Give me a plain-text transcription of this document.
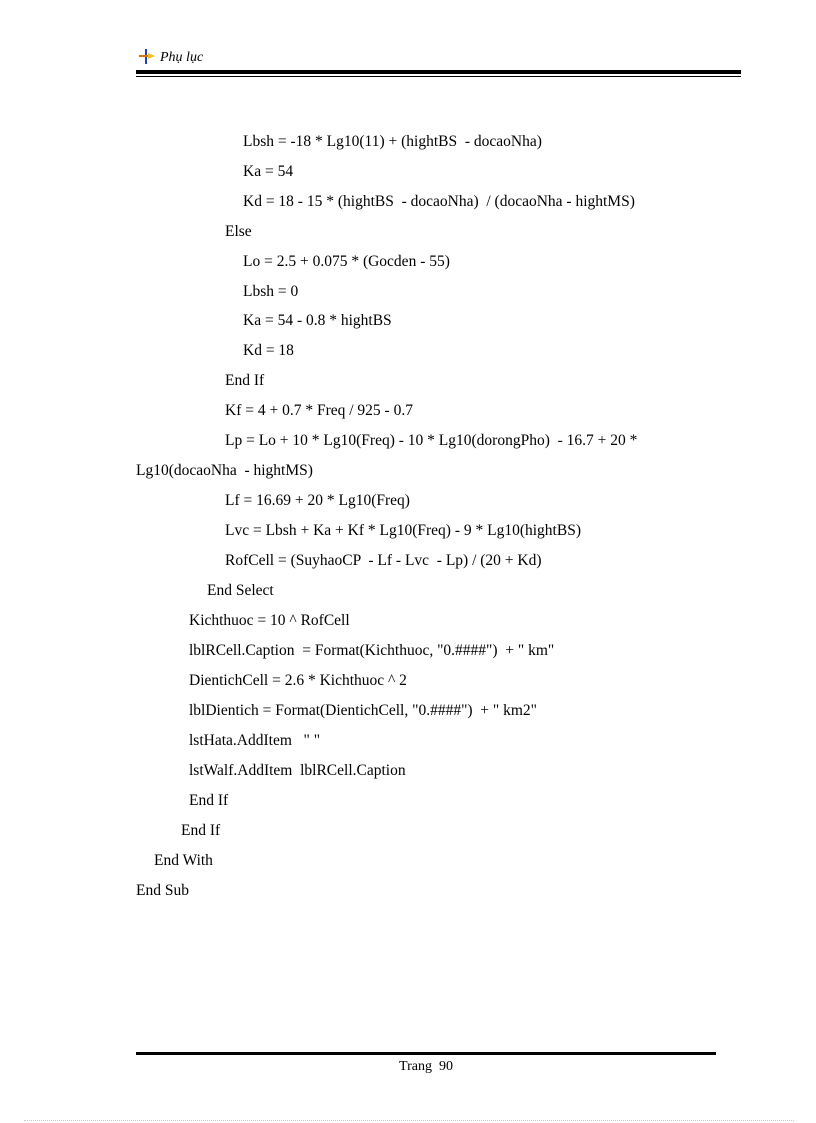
Phụ lục
Lbsh = -18 * Lg10(11) + (hightBS  - docaoNha)
Ka = 54
Kd = 18 - 15 * (hightBS  - docaoNha)  / (docaoNha - hightMS)
Else
Lo = 2.5 + 0.075 * (Gocden - 55)
Lbsh = 0
Ka = 54 - 0.8 * hightBS
Kd = 18
End If
Kf = 4 + 0.7 * Freq / 925 - 0.7
Lp = Lo + 10 * Lg10(Freq) - 10 * Lg10(dorongPho)  - 16.7 + 20 *
Lg10(docaoNha  - hightMS)
Lf = 16.69 + 20 * Lg10(Freq)
Lvc = Lbsh + Ka + Kf * Lg10(Freq) - 9 * Lg10(hightBS)
RofCell = (SuyhaoCP  - Lf - Lvc  - Lp) / (20 + Kd)
End Select
Kichthuoc = 10 ^ RofCell
lblRCell.Caption  = Format(Kichthuoc, "0.####")  + " km"
DientichCell = 2.6 * Kichthuoc ^ 2
lblDientich = Format(DientichCell, "0.####")  + " km2"
lstHata.AddItem   " "
lstWalf.AddItem  lblRCell.Caption
End If
End If
End With
End Sub
Trang  90
